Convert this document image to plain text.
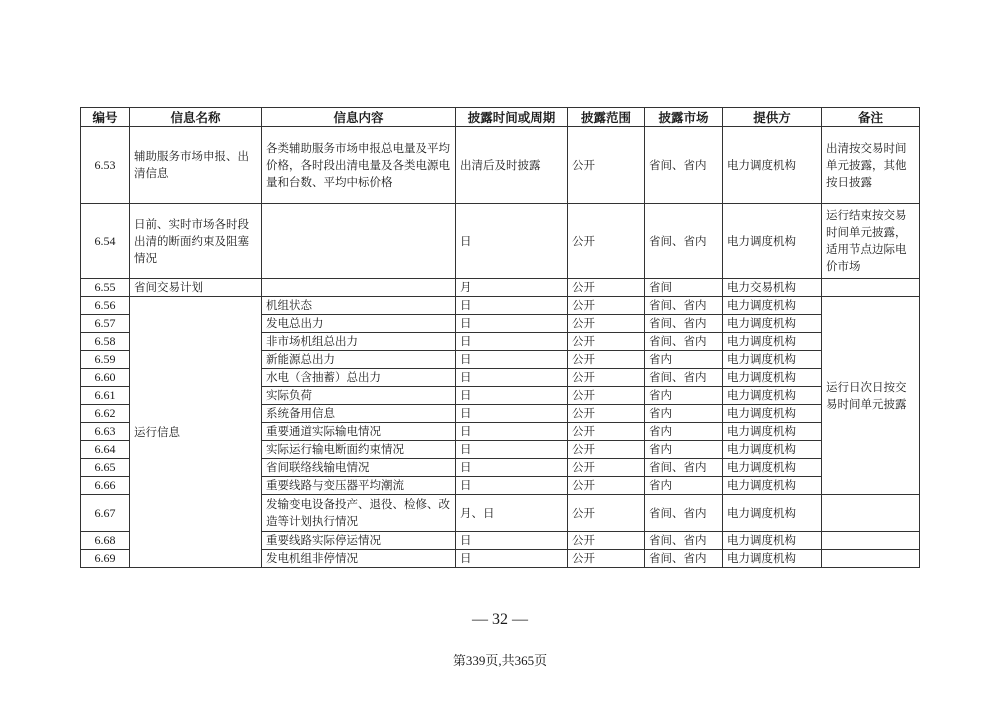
编号	信息名称	信息内容	披露时间或周期	披露范围	披露市场	提供方	备注
6.53	辅助服务市场申报、出清信息	各类辅助服务市场申报总电量及平均价格，各时段出清电量及各类电源电量和台数、平均中标价格	出清后及时披露	公开	省间、省内	电力调度机构	出清按交易时间单元披露，其他按日披露
6.54	日前、实时市场各时段出清的断面约束及阻塞情况		日	公开	省间、省内	电力调度机构	运行结束按交易时间单元披露，适用节点边际电价市场
6.55	省间交易计划		月	公开	省间	电力交易机构	
6.56	运行信息	机组状态	日	公开	省间、省内	电力调度机构	运行日次日按交易时间单元披露
6.57		发电总出力	日	公开	省间、省内	电力调度机构	
6.58		非市场机组总出力	日	公开	省间、省内	电力调度机构	
6.59		新能源总出力	日	公开	省内	电力调度机构	
6.60		水电（含抽蓄）总出力	日	公开	省间、省内	电力调度机构	
6.61		实际负荷	日	公开	省内	电力调度机构	
6.62		系统备用信息	日	公开	省内	电力调度机构	
6.63		重要通道实际输电情况	日	公开	省内	电力调度机构	
6.64		实际运行输电断面约束情况	日	公开	省内	电力调度机构	
6.65		省间联络线输电情况	日	公开	省间、省内	电力调度机构	
6.66		重要线路与变压器平均潮流	日	公开	省内	电力调度机构	
6.67		发输变电设备投产、退役、检修、改造等计划执行情况	月、日	公开	省间、省内	电力调度机构	
6.68		重要线路实际停运情况	日	公开	省间、省内	电力调度机构	
6.69		发电机组非停情况	日	公开	省间、省内	电力调度机构	
— 32 —
第339页,共365页
